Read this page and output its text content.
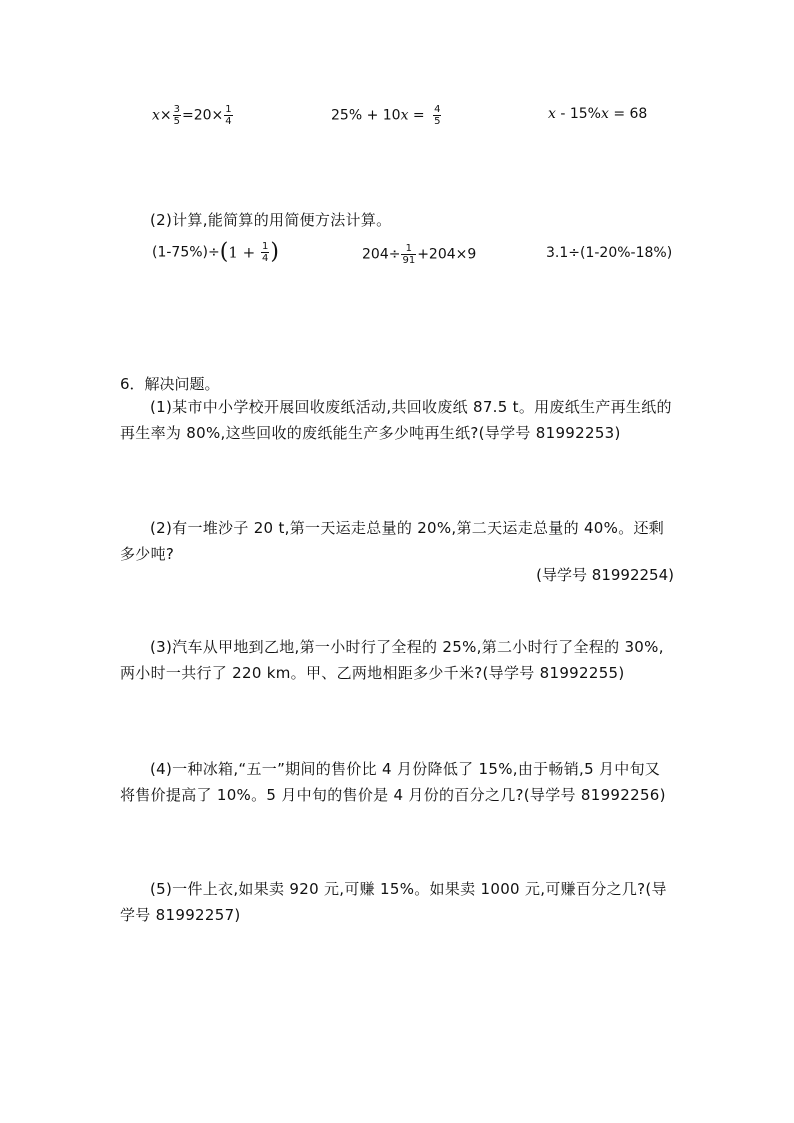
$x\times \frac{3}{5} =20\times \frac{1}{4}$	$25\% + 10x = \frac{4}{5}$	x - 15%x = 68
(2)计算,能简算的用简便方法计算。
$(1-75\%)\div(1 + \frac{1}{4}$ )	$204\div \frac{1}{91} +204\times 9$	3.1÷(1-20%-18%)
6．解决问题。
(1)某市中小学校开展回收废纸活动,共回收废纸 87.5 t。用废纸生产再生纸的再生率为 80%,这些回收的废纸能生产多少吨再生纸?(导学号 81992253)
(2)有一堆沙子 20 t,第一天运走总量的 20%,第二天运走总量的 40%。还剩多少吨?
(导学号 81992254)
(3)汽车从甲地到乙地,第一小时行了全程的 25%,第二小时行了全程的 30%,两小时一共行了 220 km。甲、乙两地相距多少千米?(导学号 81992255)
(4)一种冰箱,“五一”期间的售价比 4 月份降低了 15%,由于畅销,5 月中旬又将售价提高了 10%。5 月中旬的售价是 4 月份的百分之几?(导学号 81992256)
(5)一件上衣,如果卖 920 元,可赚 15%。如果卖 1000 元,可赚百分之几?(导学号 81992257)
